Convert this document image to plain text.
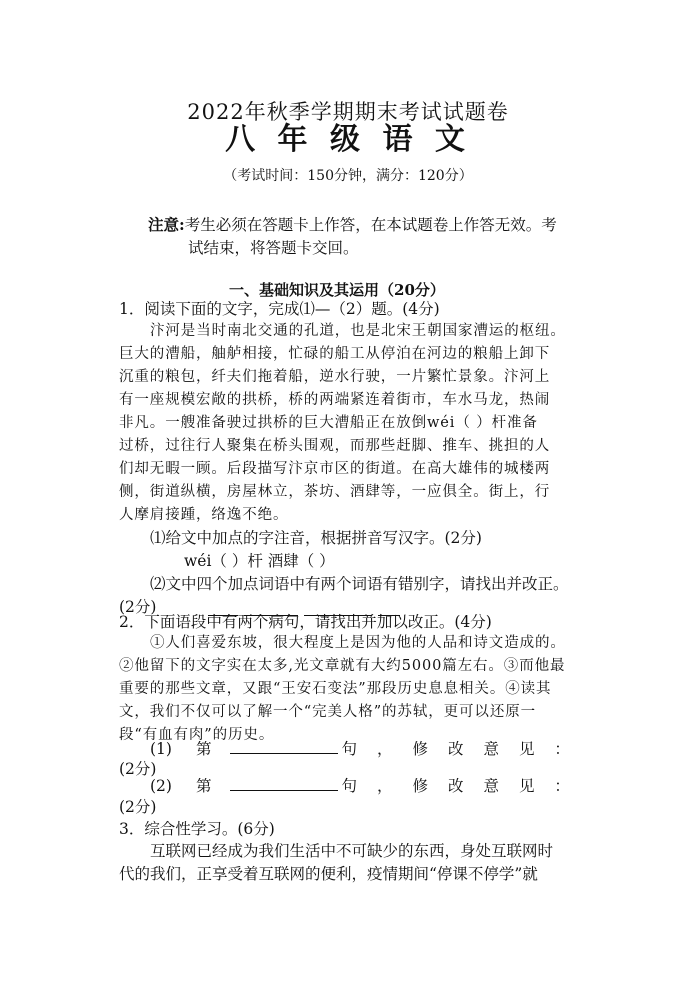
2022年秋季学期期末考试试题卷
八 年 级 语 文
（考试时间：150分钟，满分：120分）
注意:考生必须在答题卡上作答，在本试题卷上作答无效。考
试结束，将答题卡交回。
一、基础知识及其运用（20分）
1．阅读下面的文字，完成⑴—（2）题。(4分)
汴河是当时南北交通的孔道，也是北宋王朝国家漕运的枢纽。
巨大的漕船，舳舻相接，忙碌的船工从停泊在河边的粮船上卸下
沉重的粮包，纤夫们拖着船，逆水行驶，一片繁忙景象。汴河上
有一座规模宏敞的拱桥，桥的两端紧连着街市，车水马龙，热闹
非凡。一艘准备驶过拱桥的巨大漕船正在放倒wéi（ ）杆准备
过桥，过往行人聚集在桥头围观，而那些赶脚、推车、挑担的人
们却无暇一顾。后段描写汴京市区的街道。在高大雄伟的城楼两
侧，街道纵横，房屋林立，茶坊、酒肆等，一应俱全。街上，行
人摩肩接踵，络逸不绝。
⑴给文中加点的字注音，根据拼音写汉字。(2分)
wéi（ ）杆 酒肆（ ）
⑵文中四个加点词语中有两个词语有错别字，请找出并改正。
(2分)
2．下面语段中有两个病句，请找出并加以改正。(4分)
①人们喜爱东坡，很大程度上是因为他的人品和诗文造成的。
②他留下的文字实在太多,光文章就有大约5000篇左右。③而他最
重要的那些文章，又跟“王安石变法”那段历史息息相关。④读其
文，我们不仅可以了解一个“完美人格”的苏轼，更可以还原一
段“有血有肉”的历史。
(1)	第	句 ， 修 改 意 见 ：
(2分)
(2)	第	句 ， 修 改 意 见 ：
(2分)
3．综合性学习。(6分)
互联网已经成为我们生活中不可缺少的东西，身处互联网时
代的我们，正享受着互联网的便利，疫情期间“停课不停学”就
